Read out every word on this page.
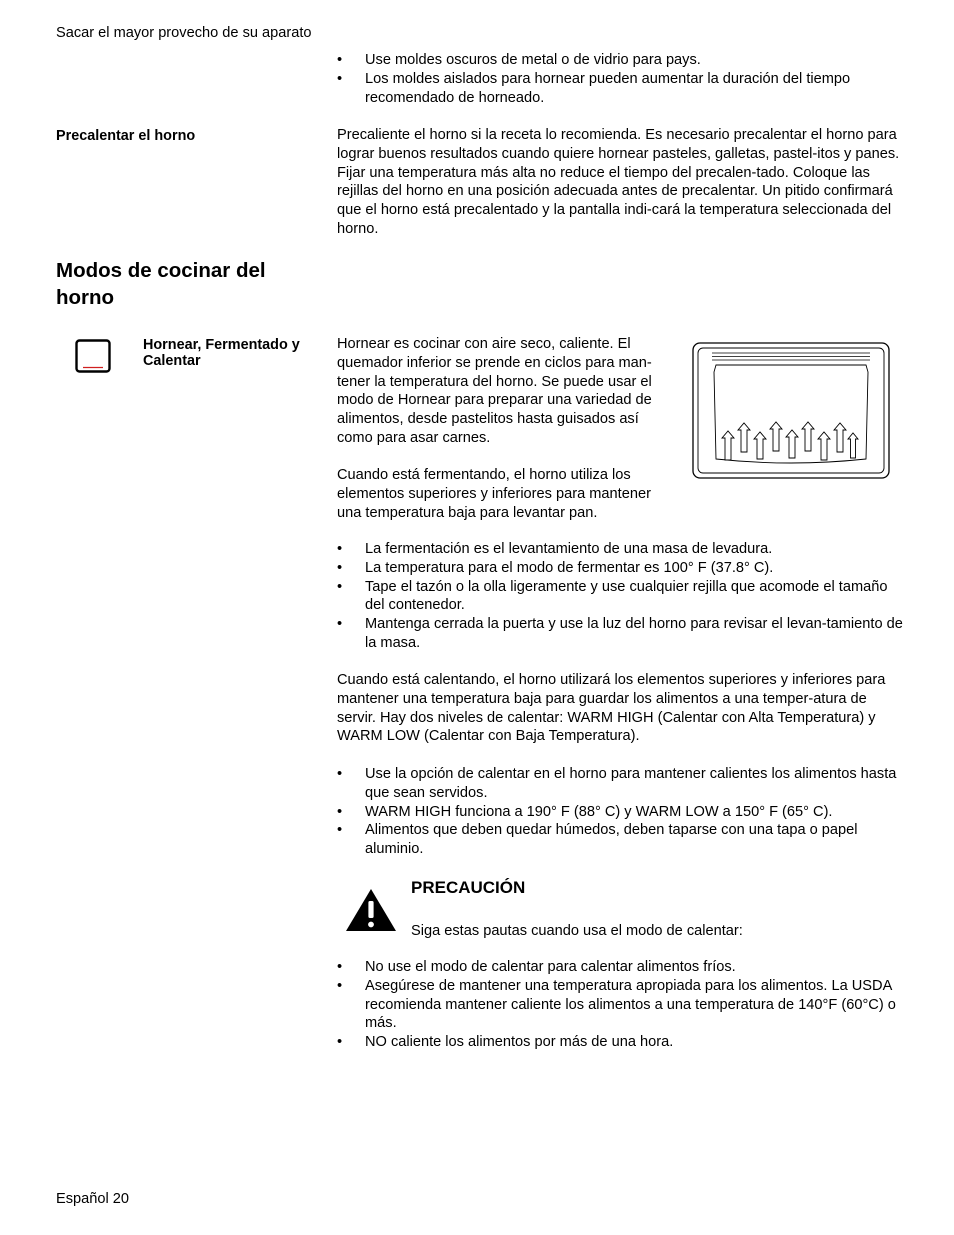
Sacar el mayor provecho de su aparato
• Use moldes oscuros de metal o de vidrio para pays.
• Los moldes aislados para hornear pueden aumentar la duración del tiempo recomendado de horneado.
Precalentar el horno	Precaliente el horno si la receta lo recomienda. Es necesario precalentar el horno para lograr buenos resultados cuando quiere hornear pasteles, galletas, pastel-itos y panes. Fijar una temperatura más alta no reduce el tiempo del precalen-tado. Coloque las rejillas del horno en una posición adecuada antes de precalentar. Un pitido confirmará que el horno está precalentado y la pantalla indi-cará la temperatura seleccionada del horno.
Modos de cocinar del horno
Hornear, Fermentado y Calentar
Hornear es cocinar con aire seco, caliente. El quemador inferior se prende en ciclos para man-tener la temperatura del horno. Se puede usar el modo de Hornear para preparar una variedad de alimentos, desde pastelitos hasta guisados así como para asar carnes.
Cuando está fermentando, el horno utiliza los elementos superiores y inferiores para mantener una temperatura baja para levantar pan.
• La fermentación es el levantamiento de una masa de levadura.
• La temperatura para el modo de fermentar es 100° F (37.8° C).
• Tape el tazón o la olla ligeramente y use cualquier rejilla que acomode el tamaño del contenedor.
• Mantenga cerrada la puerta y use la luz del horno para revisar el levan-tamiento de la masa.
Cuando está calentando, el horno utilizará los elementos superiores y inferiores para mantener una temperatura baja para guardar los alimentos a una temper-atura de servir. Hay dos niveles de calentar: WARM HIGH (Calentar con Alta Temperatura) y WARM LOW (Calentar con Baja Temperatura).
• Use la opción de calentar en el horno para mantener calientes los alimentos hasta que sean servidos.
• WARM HIGH funciona a 190° F (88° C) y WARM LOW a 150° F (65° C).
• Alimentos que deben quedar húmedos, deben taparse con una tapa o papel aluminio.
PRECAUCIÓN
Siga estas pautas cuando usa el modo de calentar:
• No use el modo de calentar para calentar alimentos fríos.
• Asegúrese de mantener una temperatura apropiada para los alimentos. La USDA recomienda mantener caliente los alimentos a una temperatura de 140°F (60°C) o más.
• NO caliente los alimentos por más de una hora.
Español 20
